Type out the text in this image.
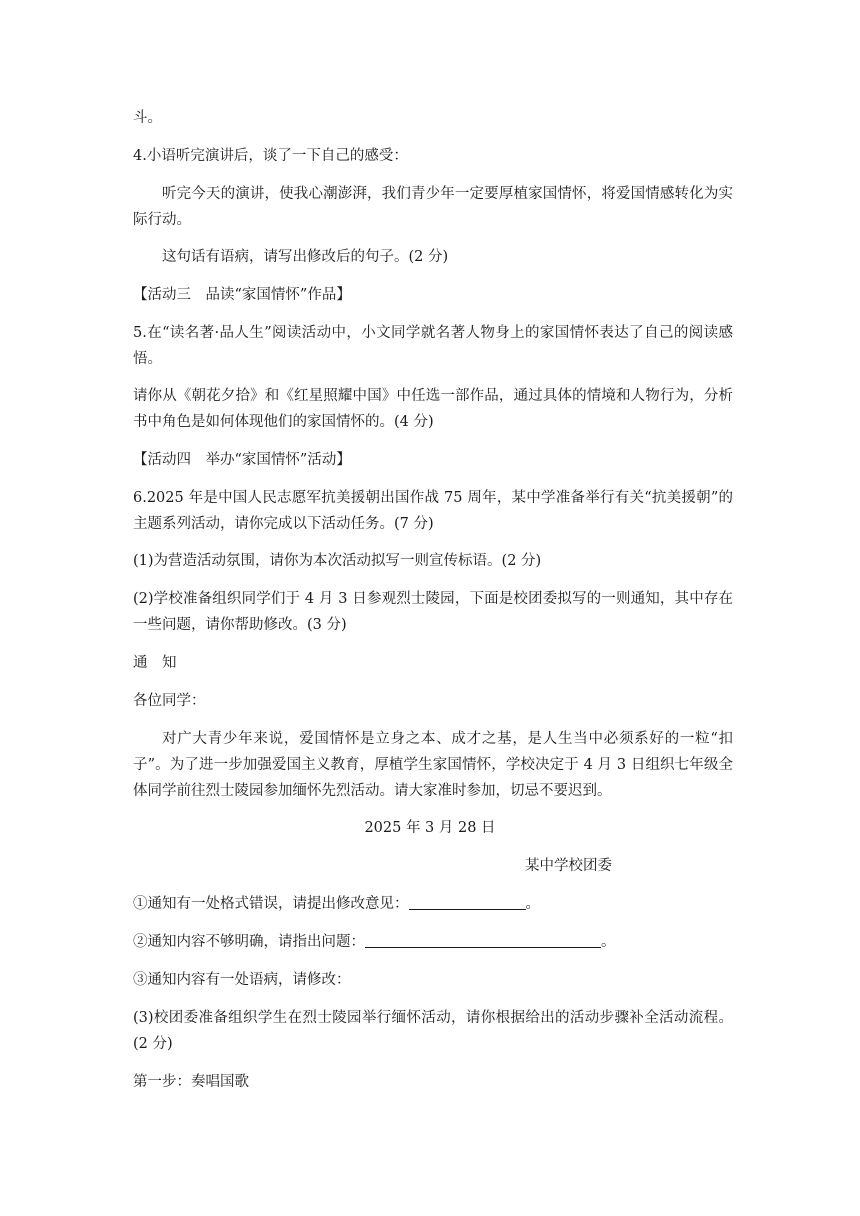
斗。
4.小语听完演讲后，谈了一下自己的感受：
听完今天的演讲，使我心潮澎湃，我们青少年一定要厚植家国情怀，将爱国情感转化为实际行动。
这句话有语病，请写出修改后的句子。(2 分)
【活动三　品读“家国情怀”作品】
5.在“读名著·品人生”阅读活动中，小文同学就名著人物身上的家国情怀表达了自己的阅读感悟。
请你从《朝花夕拾》和《红星照耀中国》中任选一部作品，通过具体的情境和人物行为，分析书中角色是如何体现他们的家国情怀的。(4 分)
【活动四　举办“家国情怀”活动】
6.2025 年是中国人民志愿军抗美援朝出国作战 75 周年，某中学准备举行有关“抗美援朝”的主题系列活动，请你完成以下活动任务。(7 分)
(1)为营造活动氛围，请你为本次活动拟写一则宣传标语。(2 分)
(2)学校准备组织同学们于 4 月 3 日参观烈士陵园，下面是校团委拟写的一则通知，其中存在一些问题，请你帮助修改。(3 分)
通　知
各位同学：
对广大青少年来说，爱国情怀是立身之本、成才之基，是人生当中必须系好的一粒“扣子”。为了进一步加强爱国主义教育，厚植学生家国情怀，学校决定于 4 月 3 日组织七年级全体同学前往烈士陵园参加缅怀先烈活动。请大家准时参加，切忌不要迟到。
2025 年 3 月 28 日
某中学校团委
①通知有一处格式错误，请提出修改意见：	。
②通知内容不够明确，请指出问题：	。
③通知内容有一处语病，请修改：
(3)校团委准备组织学生在烈士陵园举行缅怀活动，请你根据给出的活动步骤补全活动流程。(2 分)
第一步：奏唱国歌
